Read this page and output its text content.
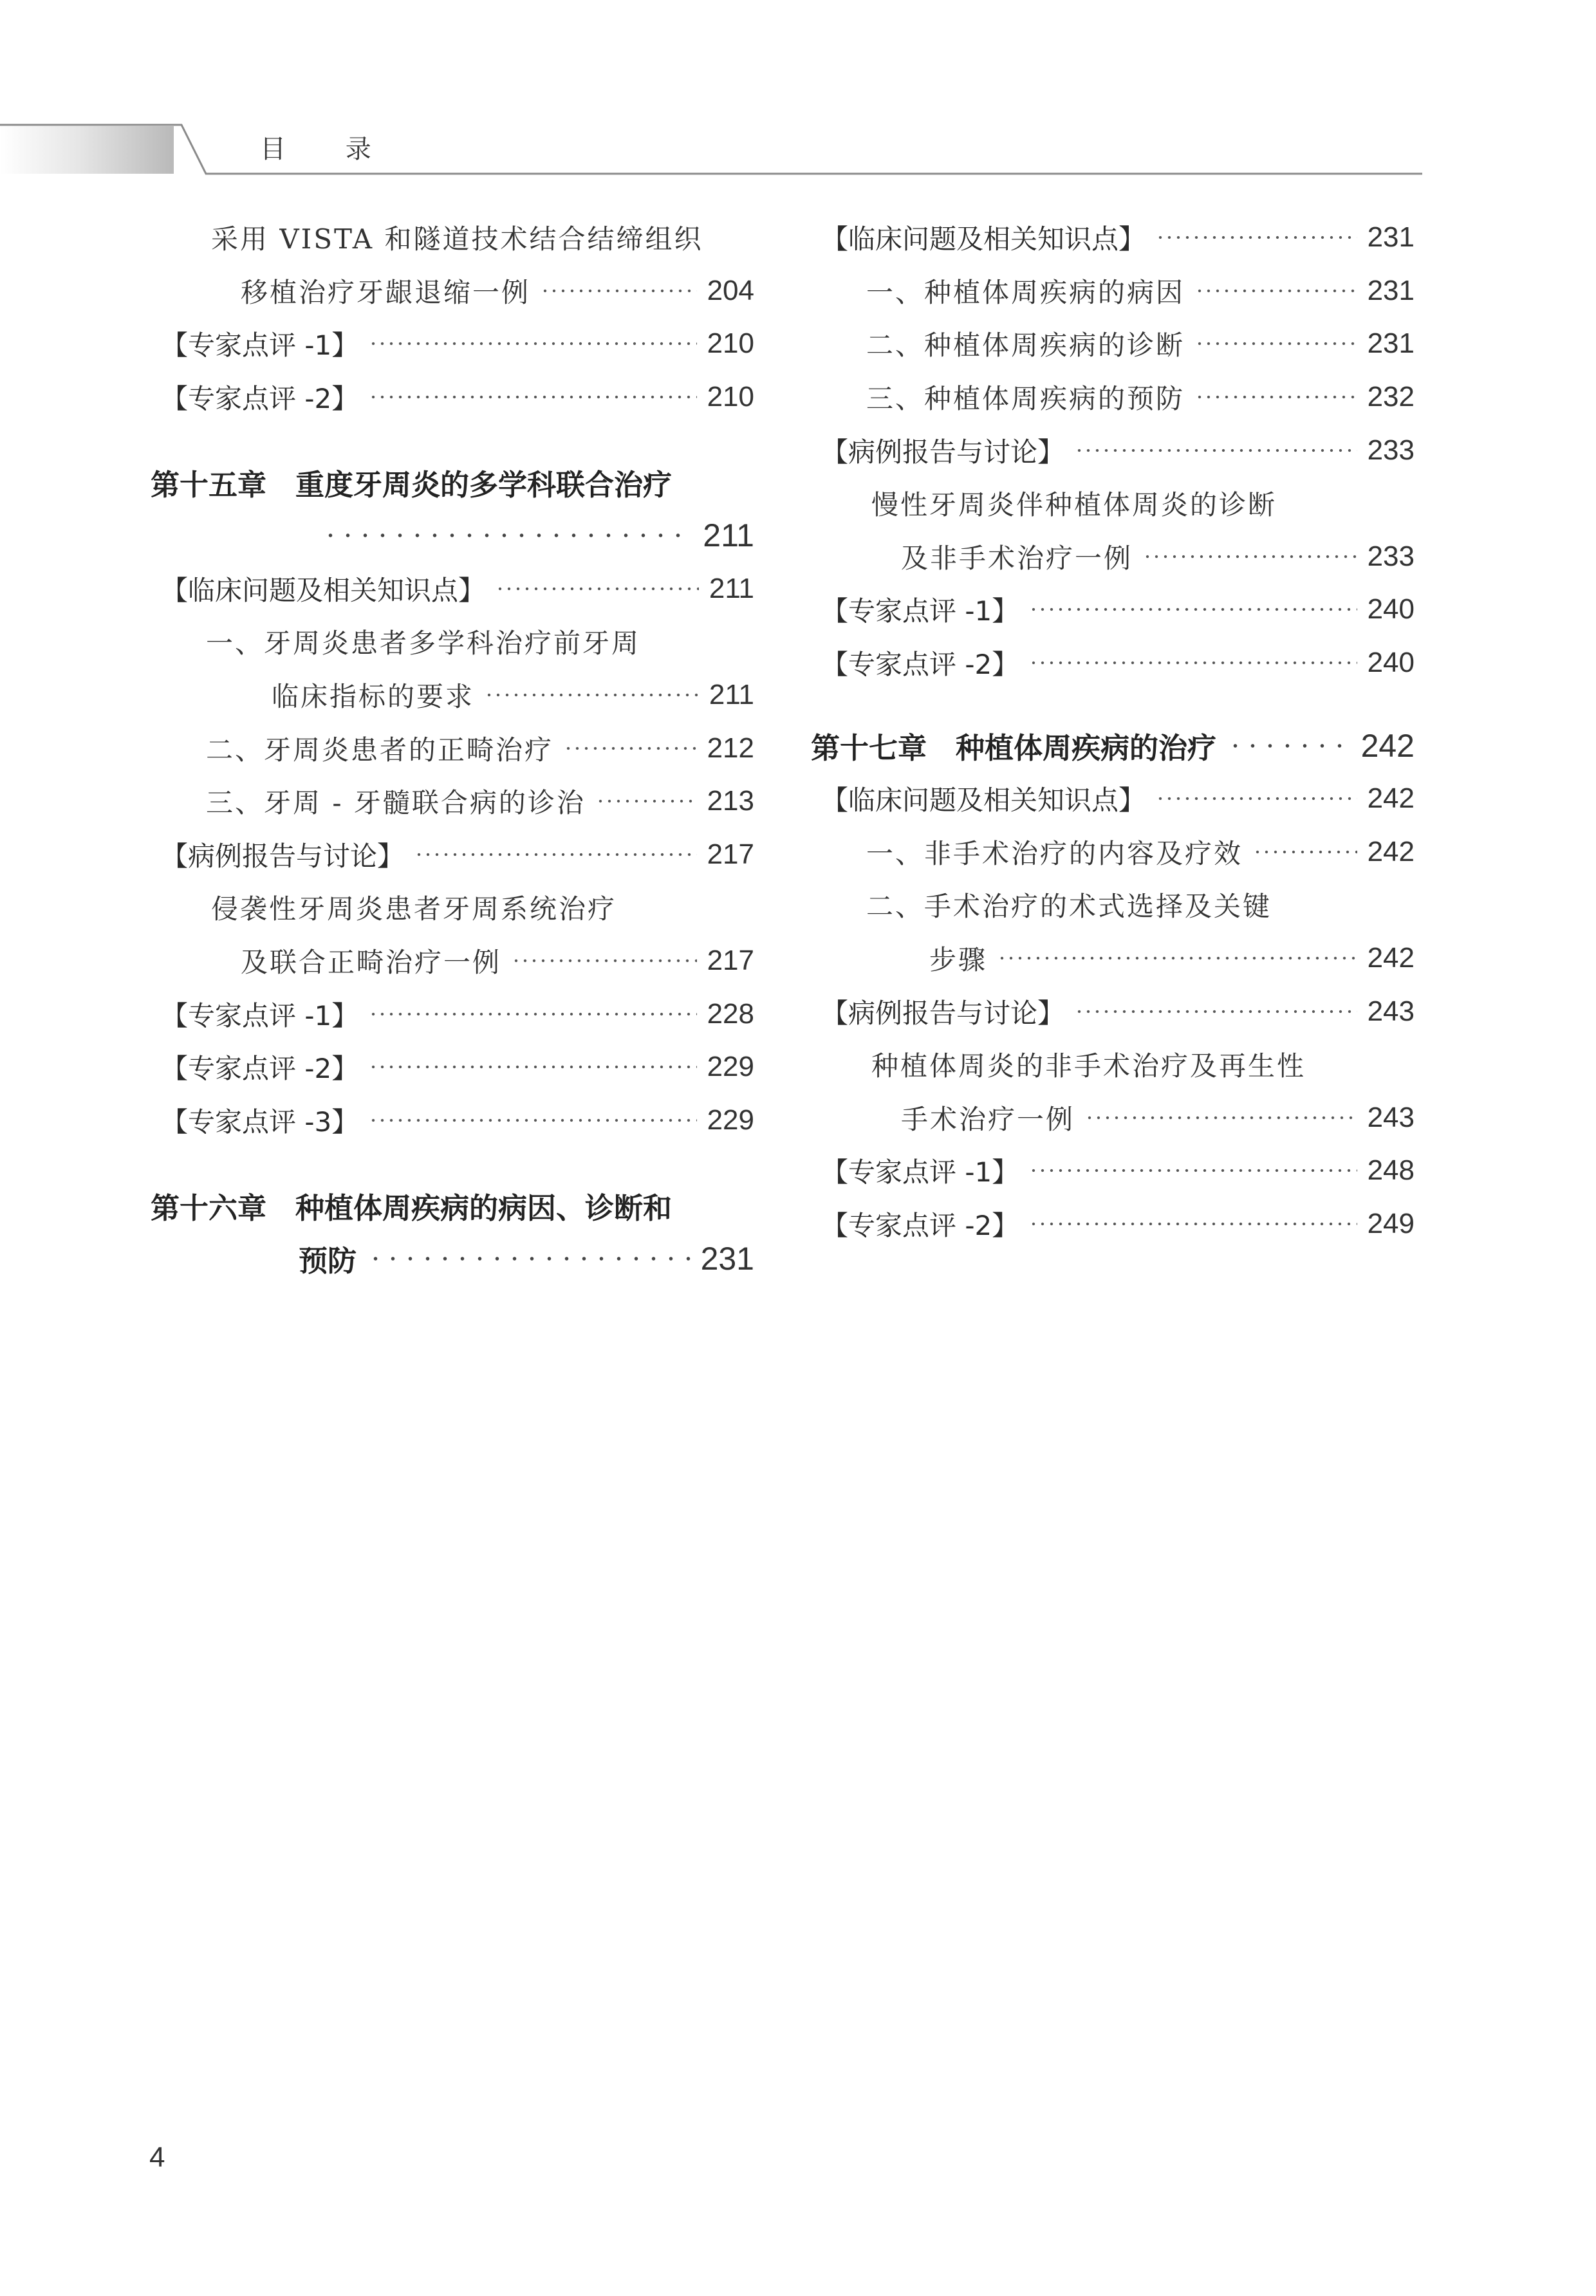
目 录
采用 VISTA 和隧道技术结合结缔组织
移植治疗牙龈退缩一例	204
【专家点评 -1】	210
【专家点评 -2】	210
第十五章　重度牙周炎的多学科联合治疗
211
【临床问题及相关知识点】	211
一、牙周炎患者多学科治疗前牙周
临床指标的要求	211
二、牙周炎患者的正畸治疗	212
三、牙周 - 牙髓联合病的诊治	213
【病例报告与讨论】	217
侵袭性牙周炎患者牙周系统治疗
及联合正畸治疗一例	217
【专家点评 -1】	228
【专家点评 -2】	229
【专家点评 -3】	229
第十六章　种植体周疾病的病因、诊断和
预防	231
【临床问题及相关知识点】	231
一、种植体周疾病的病因	231
二、种植体周疾病的诊断	231
三、种植体周疾病的预防	232
【病例报告与讨论】	233
慢性牙周炎伴种植体周炎的诊断
及非手术治疗一例	233
【专家点评 -1】	240
【专家点评 -2】	240
第十七章　种植体周疾病的治疗	242
【临床问题及相关知识点】	242
一、非手术治疗的内容及疗效	242
二、手术治疗的术式选择及关键
步骤	242
【病例报告与讨论】	243
种植体周炎的非手术治疗及再生性
手术治疗一例	243
【专家点评 -1】	248
【专家点评 -2】	249
4
